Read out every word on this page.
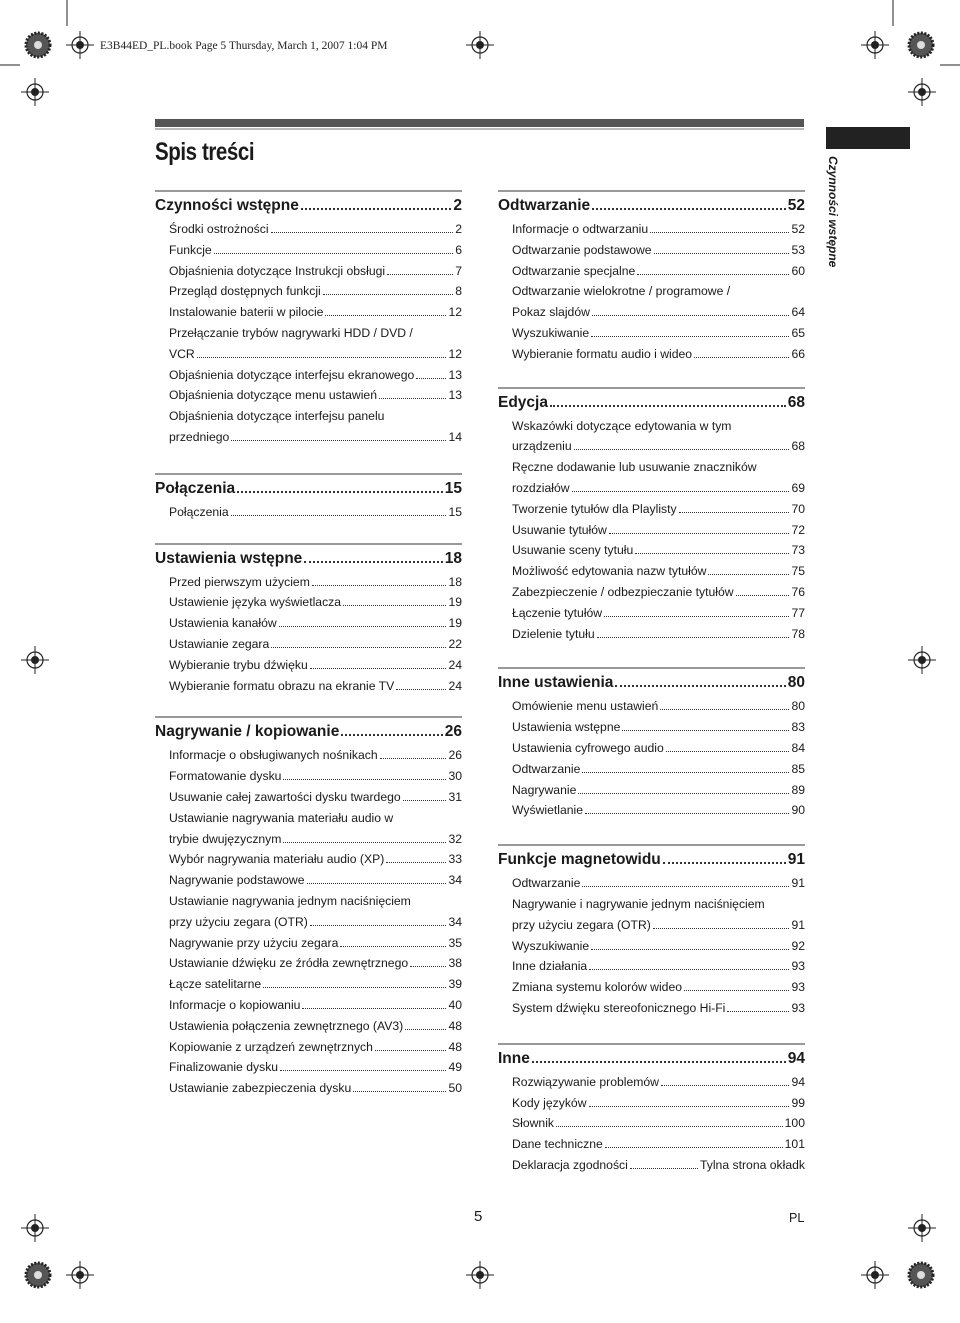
E3B44ED_PL.book Page 5 Thursday, March 1, 2007 1:04 PM
Spis treści
Czynności wstępne
Czynności wstępne	2
Środki ostrożności	2
Funkcje	6
Objaśnienia dotyczące Instrukcji obsługi	7
Przegląd dostępnych funkcji	8
Instalowanie baterii w pilocie	12
Przełączanie trybów nagrywarki HDD / DVD /
VCR	12
Objaśnienia dotyczące interfejsu ekranowego	13
Objaśnienia dotyczące menu ustawień	13
Objaśnienia dotyczące interfejsu panelu
przedniego	14
Połączenia	15
Połączenia	15
Ustawienia wstępne	18
Przed pierwszym użyciem	18
Ustawienie języka wyświetlacza	19
Ustawienia kanałów	19
Ustawianie zegara	22
Wybieranie trybu dźwięku	24
Wybieranie formatu obrazu na ekranie TV	24
Nagrywanie / kopiowanie	26
Informacje o obsługiwanych nośnikach	26
Formatowanie dysku	30
Usuwanie całej zawartości dysku twardego	31
Ustawianie nagrywania materiału audio w
trybie dwujęzycznym	32
Wybór nagrywania materiału audio (XP)	33
Nagrywanie podstawowe	34
Ustawianie nagrywania jednym naciśnięciem
przy użyciu zegara (OTR)	34
Nagrywanie przy użyciu zegara	35
Ustawianie dźwięku ze źródła zewnętrznego	38
Łącze satelitarne	39
Informacje o kopiowaniu	40
Ustawienia połączenia zewnętrznego (AV3)	48
Kopiowanie z urządzeń zewnętrznych	48
Finalizowanie dysku	49
Ustawianie zabezpieczenia dysku	50
Odtwarzanie	52
Informacje o odtwarzaniu	52
Odtwarzanie podstawowe	53
Odtwarzanie specjalne	60
Odtwarzanie wielokrotne / programowe /
Pokaz slajdów	64
Wyszukiwanie	65
Wybieranie formatu audio i wideo	66
Edycja	68
Wskazówki dotyczące edytowania w tym
urządzeniu	68
Ręczne dodawanie lub usuwanie znaczników
rozdziałów	69
Tworzenie tytułów dla Playlisty	70
Usuwanie tytułów	72
Usuwanie sceny tytułu	73
Możliwość edytowania nazw tytułów	75
Zabezpieczenie / odbezpieczanie tytułów	76
Łączenie tytułów	77
Dzielenie tytułu	78
Inne ustawienia	80
Omówienie menu ustawień	80
Ustawienia wstępne	83
Ustawienia cyfrowego audio	84
Odtwarzanie	85
Nagrywanie	89
Wyświetlanie	90
Funkcje magnetowidu	91
Odtwarzanie	91
Nagrywanie i nagrywanie jednym naciśnięciem
przy użyciu zegara (OTR)	91
Wyszukiwanie	92
Inne działania	93
Zmiana systemu kolorów wideo	93
System dźwięku stereofonicznego Hi-Fi	93
Inne	94
Rozwiązywanie problemów	94
Kody języków	99
Słownik	100
Dane techniczne	101
Deklaracja zgodności	Tylna strona okładk
5	PL
